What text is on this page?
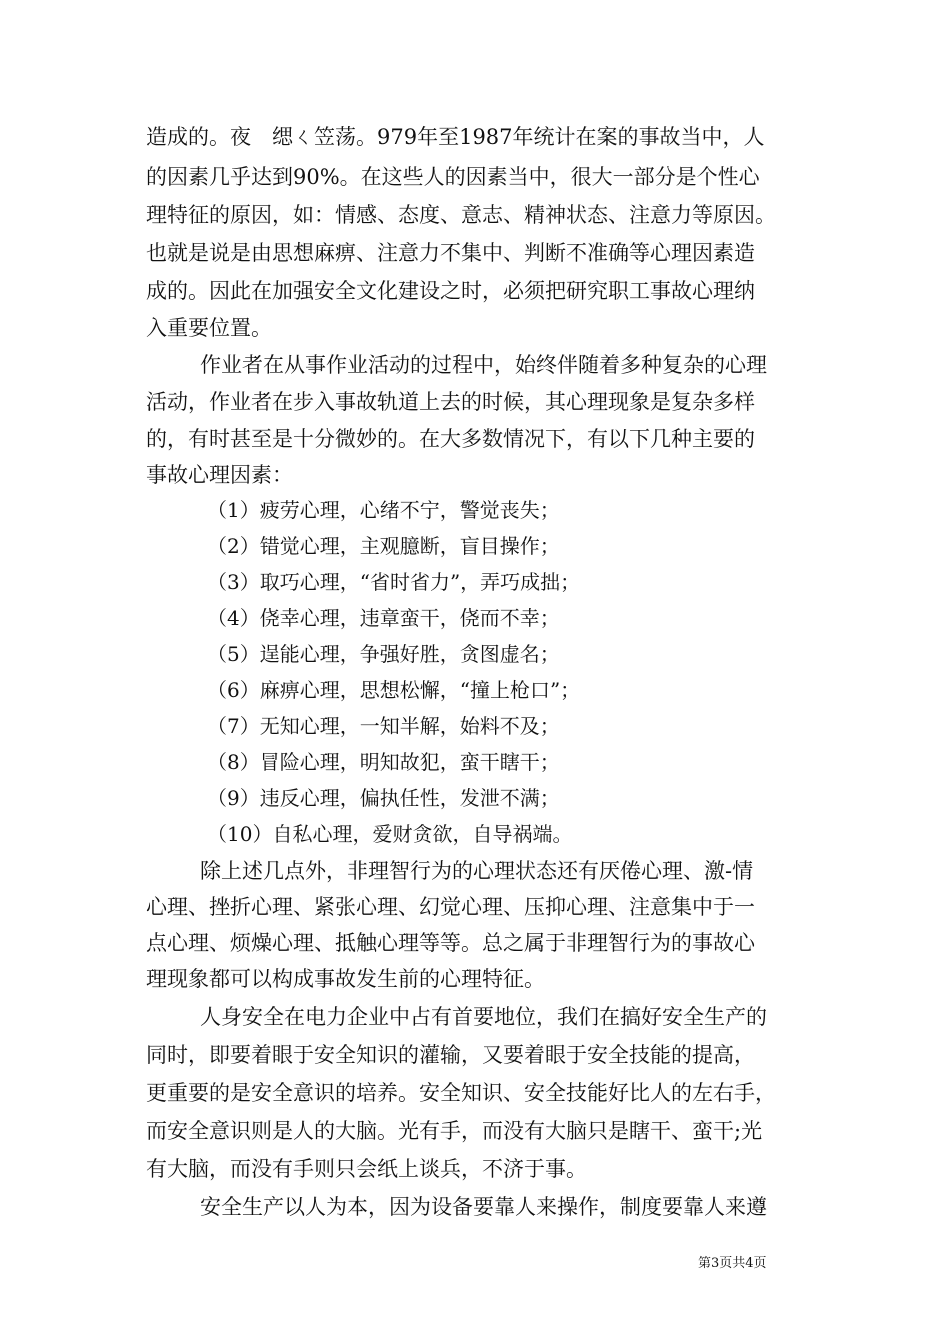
造成的。夜　缌ㄑ笠荡。979年至1987年统计在案的事故当中，人
的因素几乎达到90%。在这些人的因素当中，很大一部分是个性心
理特征的原因，如：情感、态度、意志、精神状态、注意力等原因。
也就是说是由思想麻痹、注意力不集中、判断不准确等心理因素造
成的。因此在加强安全文化建设之时，必须把研究职工事故心理纳
入重要位置。
作业者在从事作业活动的过程中，始终伴随着多种复杂的心理
活动，作业者在步入事故轨道上去的时候，其心理现象是复杂多样
的，有时甚至是十分微妙的。在大多数情况下，有以下几种主要的
事故心理因素：
（1）疲劳心理，心绪不宁，警觉丧失；
（2）错觉心理，主观臆断，盲目操作；
（3）取巧心理，“省时省力”，弄巧成拙；
（4）侥幸心理，违章蛮干，侥而不幸；
（5）逞能心理，争强好胜，贪图虚名；
（6）麻痹心理，思想松懈，“撞上枪口”；
（7）无知心理，一知半解，始料不及；
（8）冒险心理，明知故犯，蛮干瞎干；
（9）违反心理，偏执任性，发泄不满；
（10）自私心理，爱财贪欲，自导祸端。
除上述几点外，非理智行为的心理状态还有厌倦心理、激-情
心理、挫折心理、紧张心理、幻觉心理、压抑心理、注意集中于一
点心理、烦燥心理、抵触心理等等。总之属于非理智行为的事故心
理现象都可以构成事故发生前的心理特征。
人身安全在电力企业中占有首要地位，我们在搞好安全生产的
同时，即要着眼于安全知识的灌输，又要着眼于安全技能的提高，
更重要的是安全意识的培养。安全知识、安全技能好比人的左右手，
而安全意识则是人的大脑。光有手，而没有大脑只是瞎干、蛮干;光
有大脑，而没有手则只会纸上谈兵，不济于事。
安全生产以人为本，因为设备要靠人来操作，制度要靠人来遵
第3页共4页
